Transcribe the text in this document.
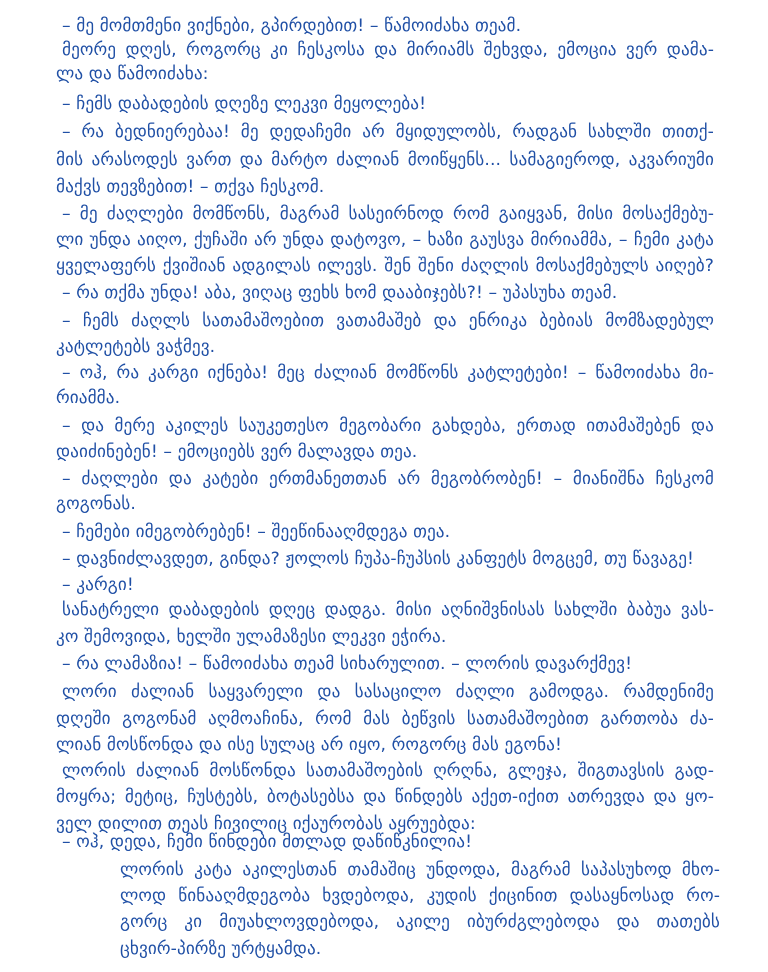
– მე მომთმენი ვიქნები, გპირდებით! – წამოიძახა თეამ.
მეორე დღეს, როგორც კი ჩესკოსა და მირიამს შეხვდა, ემოცია ვერ დამა-
ლა და წამოიძახა:
– ჩემს დაბადების დღეზე ლეკვი მეყოლება!
– რა ბედნიერებაა! მე დედაჩემი არ მყიდულობს, რადგან სახლში თითქ-
მის არასოდეს ვართ და მარტო ძალიან მოიწყენს... სამაგიეროდ, აკვარიუმი
მაქვს თევზებით! – თქვა ჩესკომ.
– მე ძაღლები მომწონს, მაგრამ სასეირნოდ რომ გაიყვან, მისი მოსაქმებუ-
ლი უნდა აიღო, ქუჩაში არ უნდა დატოვო, – ხაზი გაუსვა მირიამმა, – ჩემი კატა
ყველაფერს ქვიშიან ადგილას ილევს. შენ შენი ძაღლის მოსაქმებულს აიღებ?
– რა თქმა უნდა! აბა, ვიღაც ფეხს ხომ დააბიჯებს?! – უპასუხა თეამ.
– ჩემს ძაღლს სათამაშოებით ვათამაშებ და ენრიკა ბებიას მომზადებულ
კატლეტებს ვაჭმევ.
– ოჰ, რა კარგი იქნება! მეც ძალიან მომწონს კატლეტები! – წამოიძახა მი-
რიამმა.
– და მერე აკილეს საუკეთესო მეგობარი გახდება, ერთად ითამაშებენ და
დაიძინებენ! – ემოციებს ვერ მალავდა თეა.
– ძაღლები და კატები ერთმანეთთან არ მეგობრობენ! – მიანიშნა ჩესკომ
გოგონას.
– ჩემები იმეგობრებენ! – შეეწინააღმდეგა თეა.
– დავნიძლავდეთ, გინდა? ჟოლოს ჩუპა-ჩუპსის კანფეტს მოგცემ, თუ წავაგე!
– კარგი!
სანატრელი დაბადების დღეც დადგა. მისი აღნიშვნისას სახლში ბაბუა ვას-
კო შემოვიდა, ხელში ულამაზესი ლეკვი ეჭირა.
– რა ლამაზია! – წამოიძახა თეამ სიხარულით. – ლორის დავარქმევ!
ლორი ძალიან საყვარელი და სასაცილო ძაღლი გამოდგა. რამდენიმე
დღეში გოგონამ აღმოაჩინა, რომ მას ბეწვის სათამაშოებით გართობა ძა-
ლიან მოსწონდა და ისე სულაც არ იყო, როგორც მას ეგონა!
ლორის ძალიან მოსწონდა სათამაშოების ღრღნა, გლეჯა, შიგთავსის გად-
მოყრა; მეტიც, ჩუსტებს, ბოტასებსა და წინდებს აქეთ-იქით ათრევდა და ყო-
ველ დილით თეას ჩივილიც იქაურობას აყრუებდა:
– ოჰ, დედა, ჩემი წინდები მთლად დაწიწკნილია!
ლორის კატა აკილესთან თამაშიც უნდოდა, მაგრამ საპასუხოდ მხო-
ლოდ წინააღმდეგობა ხვდებოდა, კუდის ქიცინით დასაყნოსად რო-
გორც კი მიუახლოვდებოდა, აკილე იბურძგლებოდა და თათებს
ცხვირ-პირზე ურტყამდა.
